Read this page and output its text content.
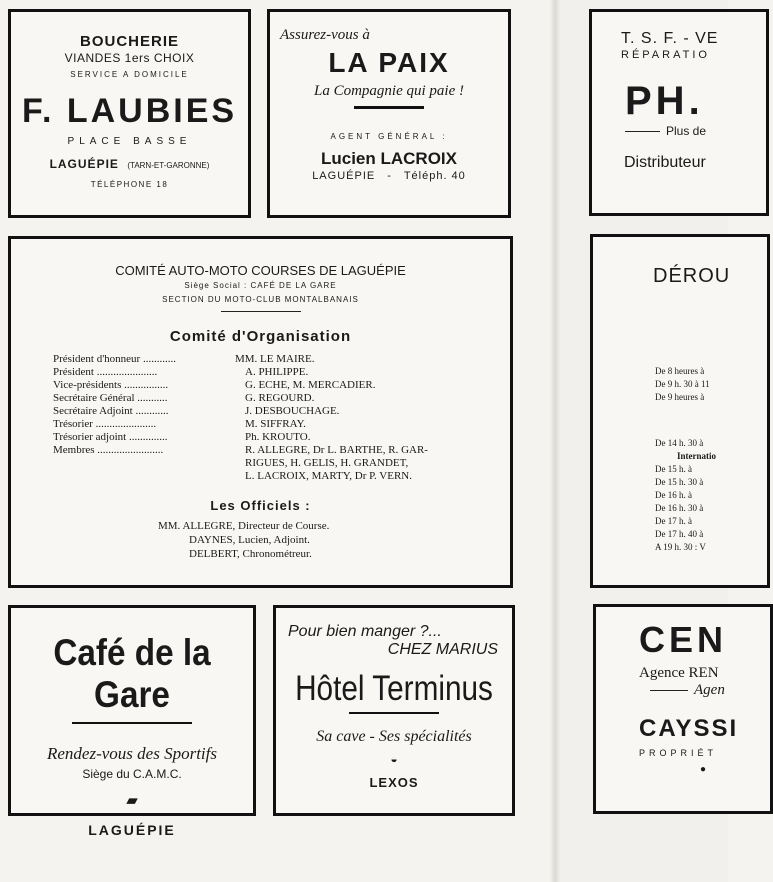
BOUCHERIE
VIANDES 1ers CHOIX
SERVICE A DOMICILE
F. LAUBIES
PLACE BASSE
LAGUÉPIE (TARN-ET-GARONNE)
TÉLÉPHONE 18
Assurez-vous à
LA PAIX
La Compagnie qui paie !
AGENT GÉNÉRAL :
Lucien LACROIX
LAGUÉPIE - Téléph. 40
COMITÉ AUTO-MOTO COURSES DE LAGUÉPIE
Siège Social : CAFÉ DE LA GARE
SECTION DU MOTO-CLUB MONTALBANAIS
Comité d'Organisation
Président d'honneur ............	MM. LE MAIRE.
Président ......................	A. PHILIPPE.
Vice-présidents ................	G. ECHE, M. MERCADIER.
Secrétaire Général ...........	G. REGOURD.
Secrétaire Adjoint ............	J. DESBOUCHAGE.
Trésorier ......................	M. SIFFRAY.
Trésorier adjoint ..............	Ph. KROUTO.
Membres ........................	R. ALLEGRE, Dr L. BARTHE, R. GAR-
RIGUES, H. GELIS, H. GRANDET,
L. LACROIX, MARTY, Dr P. VERN.
Les Officiels :
MM. ALLEGRE, Directeur de Course.
DAYNES, Lucien, Adjoint.
DELBERT, Chronométreur.
Café de la Gare
Rendez-vous des Sportifs
Siège du C.A.M.C.
▰
LAGUÉPIE
Pour bien manger ?...
CHEZ MARIUS
Hôtel Terminus
Sa cave - Ses spécialités
◒
LEXOS
T. S. F. - VE
RÉPARATIO
PH.
Plus de
Distributeur
DÉROU
De 8 heures à
De 9 h. 30 à 11
De 9 heures à
De 14 h. 30 à
Internatio
De 15 h. à
De 15 h. 30 à
De 16 h. à
De 16 h. 30 à
De 17 h. à
De 17 h. 40 à
A 19 h. 30 : V
CEN
Agence REN
Agen
CAYSSI
PROPRIÉT
●
